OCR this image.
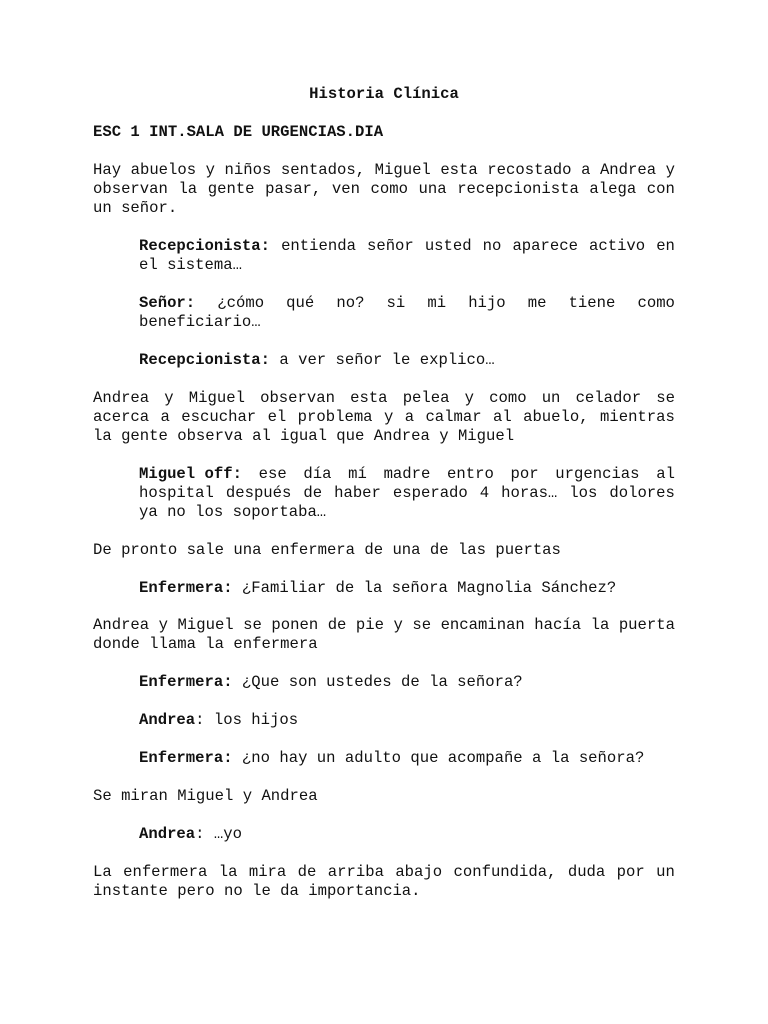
Historia Clínica
ESC 1 INT.SALA DE URGENCIAS.DIA
Hay abuelos y niños sentados, Miguel esta recostado a Andrea y
observan la gente pasar, ven como una recepcionista alega con
un señor.
Recepcionista: entienda señor usted no aparece activo en
el sistema…
Señor: ¿cómo qué no? si mi hijo me tiene como
beneficiario…
Recepcionista: a ver señor le explico…
Andrea y Miguel observan esta pelea y como un celador se
acerca a escuchar el problema y a calmar al abuelo, mientras
la gente observa al igual que Andrea y Miguel
Miguel off: ese día mí madre entro por urgencias al
hospital después de haber esperado 4 horas… los dolores
ya no los soportaba…
De pronto sale una enfermera de una de las puertas
Enfermera: ¿Familiar de la señora Magnolia Sánchez?
Andrea y Miguel se ponen de pie y se encaminan hacía la puerta
donde llama la enfermera
Enfermera: ¿Que son ustedes de la señora?
Andrea: los hijos
Enfermera: ¿no hay un adulto que acompañe a la señora?
Se miran Miguel y Andrea
Andrea: …yo
La enfermera la mira de arriba abajo confundida, duda por un
instante pero no le da importancia.
